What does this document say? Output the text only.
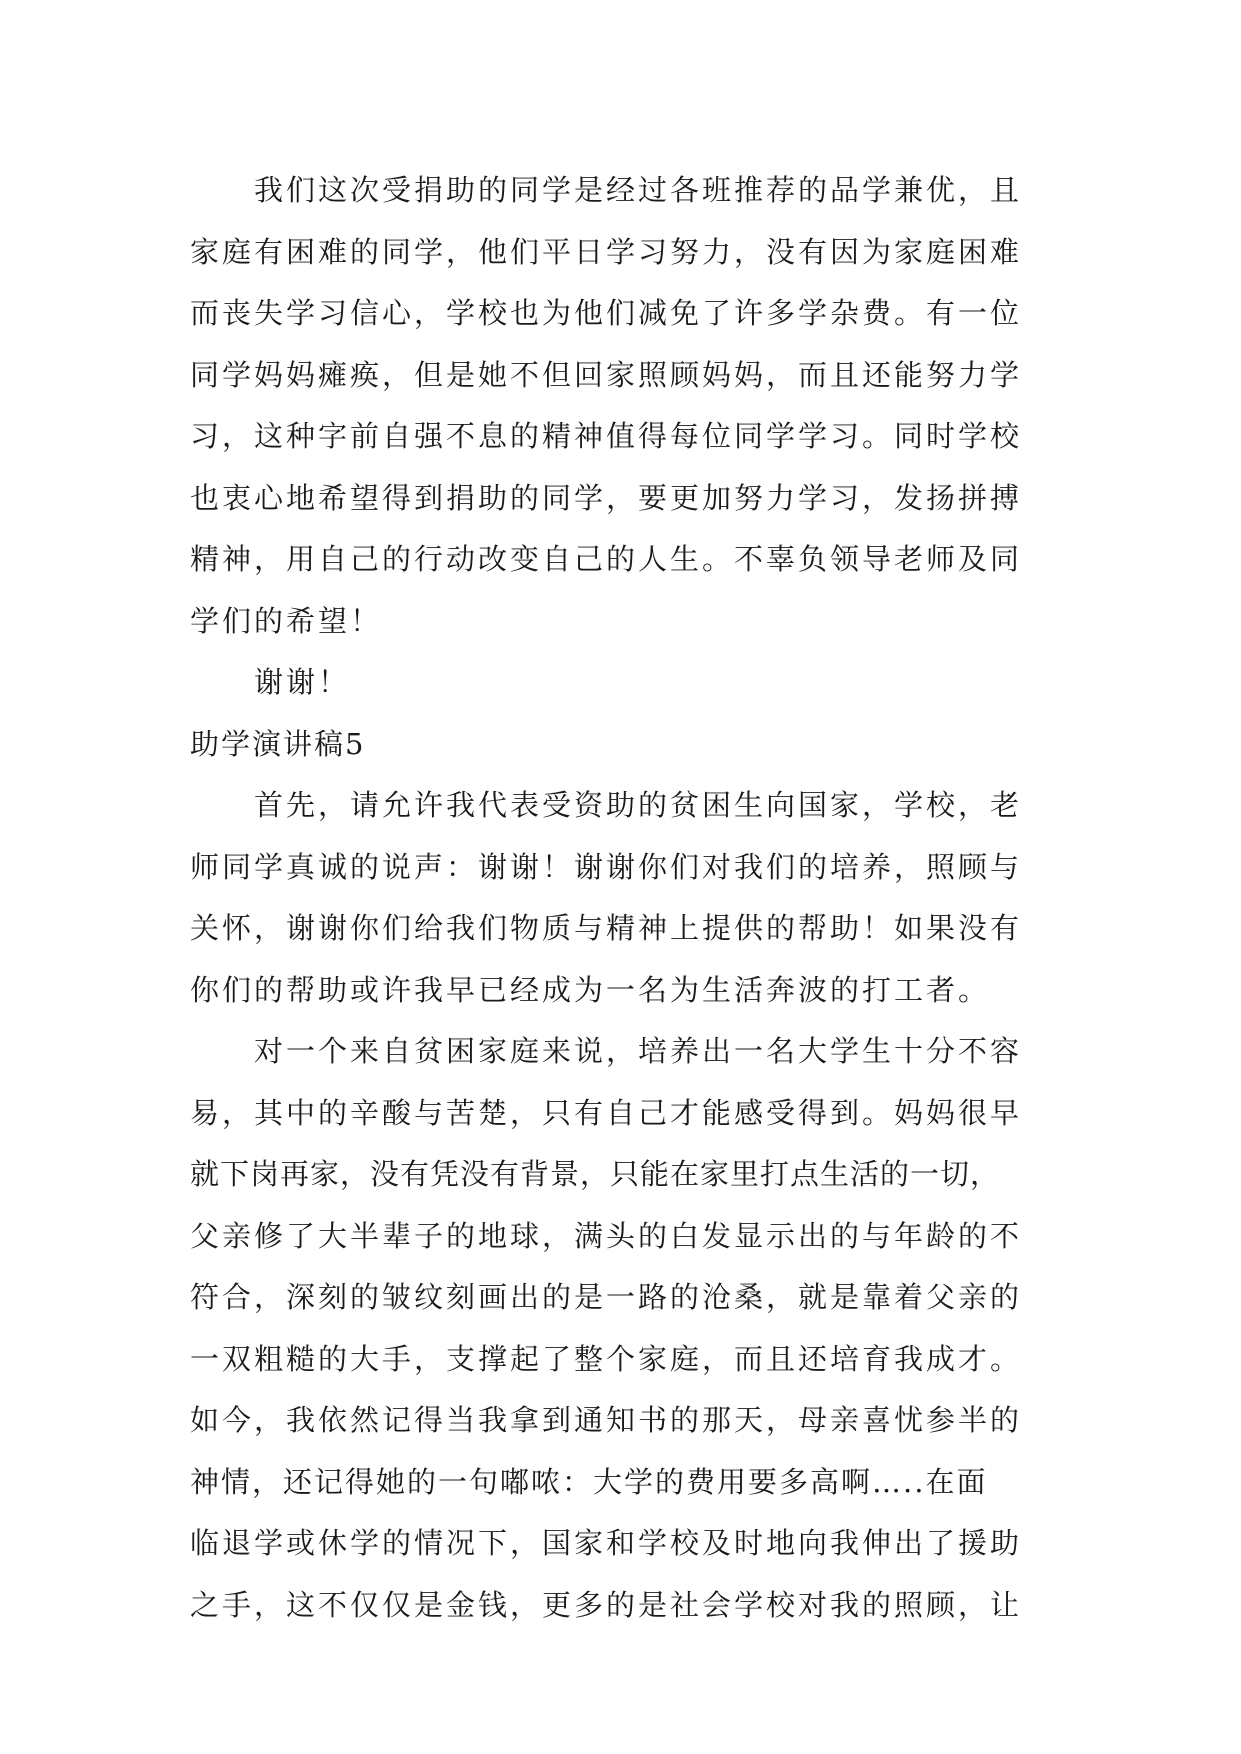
我们这次受捐助的同学是经过各班推荐的品学兼优，且
家庭有困难的同学，他们平日学习努力，没有因为家庭困难
而丧失学习信心，学校也为他们减免了许多学杂费。有一位
同学妈妈瘫痪，但是她不但回家照顾妈妈，而且还能努力学
习，这种字前自强不息的精神值得每位同学学习。同时学校
也衷心地希望得到捐助的同学，要更加努力学习，发扬拼搏
精神，用自己的行动改变自己的人生。不辜负领导老师及同
学们的希望！
谢谢！
助学演讲稿5
首先，请允许我代表受资助的贫困生向国家，学校，老
师同学真诚的说声：谢谢！谢谢你们对我们的培养，照顾与
关怀，谢谢你们给我们物质与精神上提供的帮助！如果没有
你们的帮助或许我早已经成为一名为生活奔波的打工者。
对一个来自贫困家庭来说，培养出一名大学生十分不容
易，其中的辛酸与苦楚，只有自己才能感受得到。妈妈很早
就下岗再家，没有凭没有背景，只能在家里打点生活的一切，
父亲修了大半辈子的地球，满头的白发显示出的与年龄的不
符合，深刻的皱纹刻画出的是一路的沧桑，就是靠着父亲的
一双粗糙的大手，支撑起了整个家庭，而且还培育我成才。
如今，我依然记得当我拿到通知书的那天，母亲喜忧参半的
神情，还记得她的一句嘟哝：大学的费用要多高啊…..在面
临退学或休学的情况下，国家和学校及时地向我伸出了援助
之手，这不仅仅是金钱，更多的是社会学校对我的照顾，让
